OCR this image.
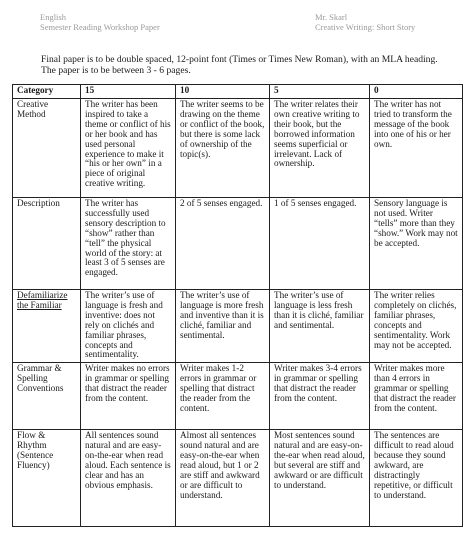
English
Semester Reading Workshop Paper
Mr. Skarl
Creative Writing: Short Story
Final paper is to be double spaced, 12-point font (Times or Times New Roman), with an MLA heading.
The paper is to be between 3 - 6 pages.
Category	15	10	5	0
Creative Method	The writer has been inspired to take a theme or conflict of his or her book and has used personal experience to make it “his or her own” in a piece of original creative writing.	The writer seems to be drawing on the theme or conflict of the book, but there is some lack of ownership of the topic(s).	The writer relates their own creative writing to their book, but the borrowed information seems superficial or irrelevant. Lack of ownership.	The writer has not tried to transform the message of the book into one of his or her own.
Description	The writer has successfully used sensory description to “show” rather than “tell” the physical world of the story: at least 3 of 5 senses are engaged.	2 of 5 senses engaged.	1 of 5 senses engaged.	Sensory language is not used. Writer “tells” more than they “show.” Work may not be accepted.
Defamiliarize the Familiar	The writer’s use of language is fresh and inventive: does not rely on clichés and familiar phrases, concepts and sentimentality.	The writer’s use of language is more fresh and inventive than it is cliché, familiar and sentimental.	The writer’s use of language is less fresh than it is cliché, familiar and sentimental.	The writer relies completely on clichés, familiar phrases, concepts and sentimentality. Work may not be accepted.
Grammar & Spelling Conventions	Writer makes no errors in grammar or spelling that distract the reader from the content.	Writer makes 1-2 errors in grammar or spelling that distract the reader from the content.	Writer makes 3-4 errors in grammar or spelling that distract the reader from the content.	Writer makes more than 4 errors in grammar or spelling that distract the reader from the content.
Flow & Rhythm (Sentence Fluency)	All sentences sound natural and are easy-on-the-ear when read aloud. Each sentence is clear and has an obvious emphasis.	Almost all sentences sound natural and are easy-on-the-ear when read aloud, but 1 or 2 are stiff and awkward or are difficult to understand.	Most sentences sound natural and are easy-on-the-ear when read aloud, but several are stiff and awkward or are difficult to understand.	The sentences are difficult to read aloud because they sound awkward, are distractingly repetitive, or difficult to understand.
